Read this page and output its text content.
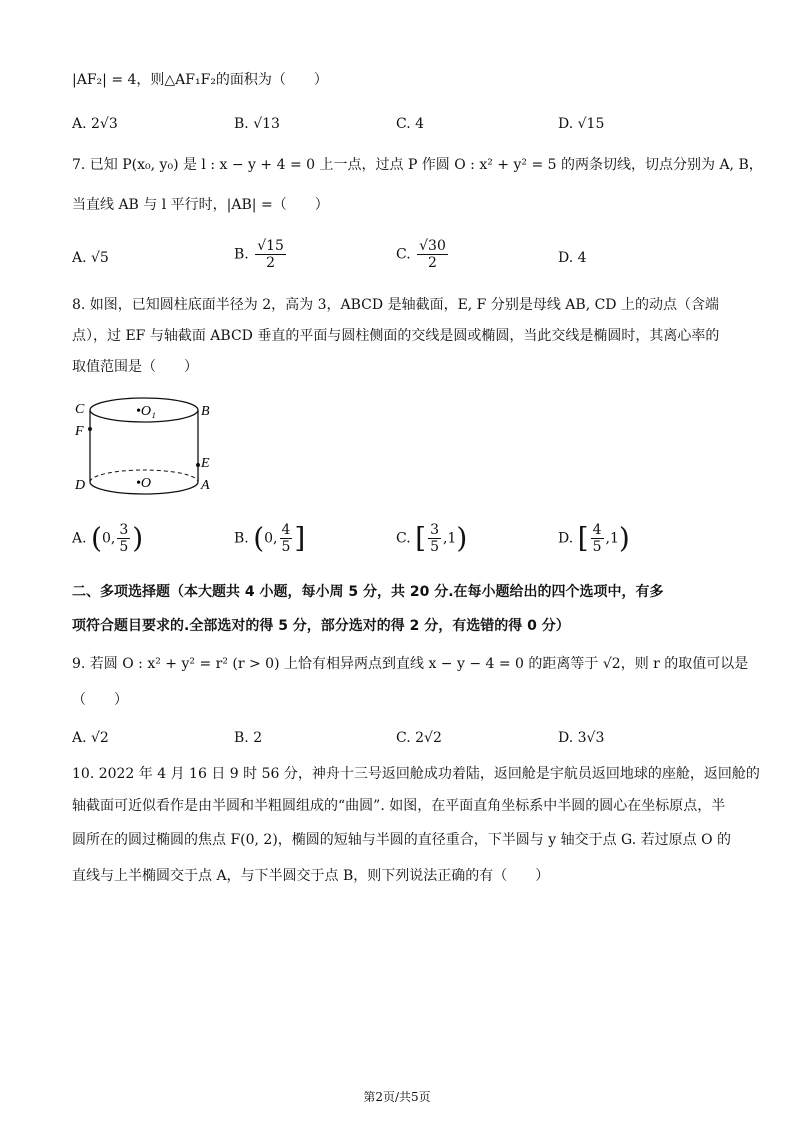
|AF₂| = 4，则△AF₁F₂的面积为（　　）
A. 2√3	B. √13	C. 4	D. √15
7. 已知 P(x₀, y₀) 是 l : x − y + 4 = 0 上一点，过点 P 作圆 O : x² + y² = 5 的两条切线，切点分别为 A, B，
当直线 AB 与 l 平行时，|AB| =（　　）
A. √5	B. $\frac{√15}{2}$	C. $\frac{√30}{2}$	D. 4
8. 如图，已知圆柱底面半径为 2，高为 3，ABCD 是轴截面，E, F 分别是母线 AB, CD 上的动点（含端
点），过 EF 与轴截面 ABCD 垂直的平面与圆柱侧面的交线是圆或椭圆，当此交线是椭圆时，其离心率的
取值范围是（　　）
C	B
F
E
D	A
•O₁
•O
A. (0, $\frac{3}{5}$ )	B. (0, $\frac{4}{5}$ ]	C. [ $\frac{3}{5} ,1$)	D. [ $\frac{4}{5} ,1$)
二、多项选择题（本大题共 4 小题，每小周 5 分，共 20 分.在每小题给出的四个选项中，有多
项符合题目要求的.全部选对的得 5 分，部分选对的得 2 分，有选错的得 0 分）
9. 若圆 O : x² + y² = r² (r > 0) 上恰有相异两点到直线 x − y − 4 = 0 的距离等于 √2，则 r 的取值可以是
（　　）
A. √2	B. 2	C. 2√2	D. 3√3
10. 2022 年 4 月 16 日 9 时 56 分，神舟十三号返回舱成功着陆，返回舱是宇航员返回地球的座舱，返回舱的
轴截面可近似看作是由半圆和半粗圆组成的“曲圆”. 如图，在平面直角坐标系中半圆的圆心在坐标原点，半
圆所在的圆过椭圆的焦点 F(0, 2)，椭圆的短轴与半圆的直径重合，下半圆与 y 轴交于点 G. 若过原点 O 的
直线与上半椭圆交于点 A，与下半圆交于点 B，则下列说法正确的有（　　）
第2页/共5页
